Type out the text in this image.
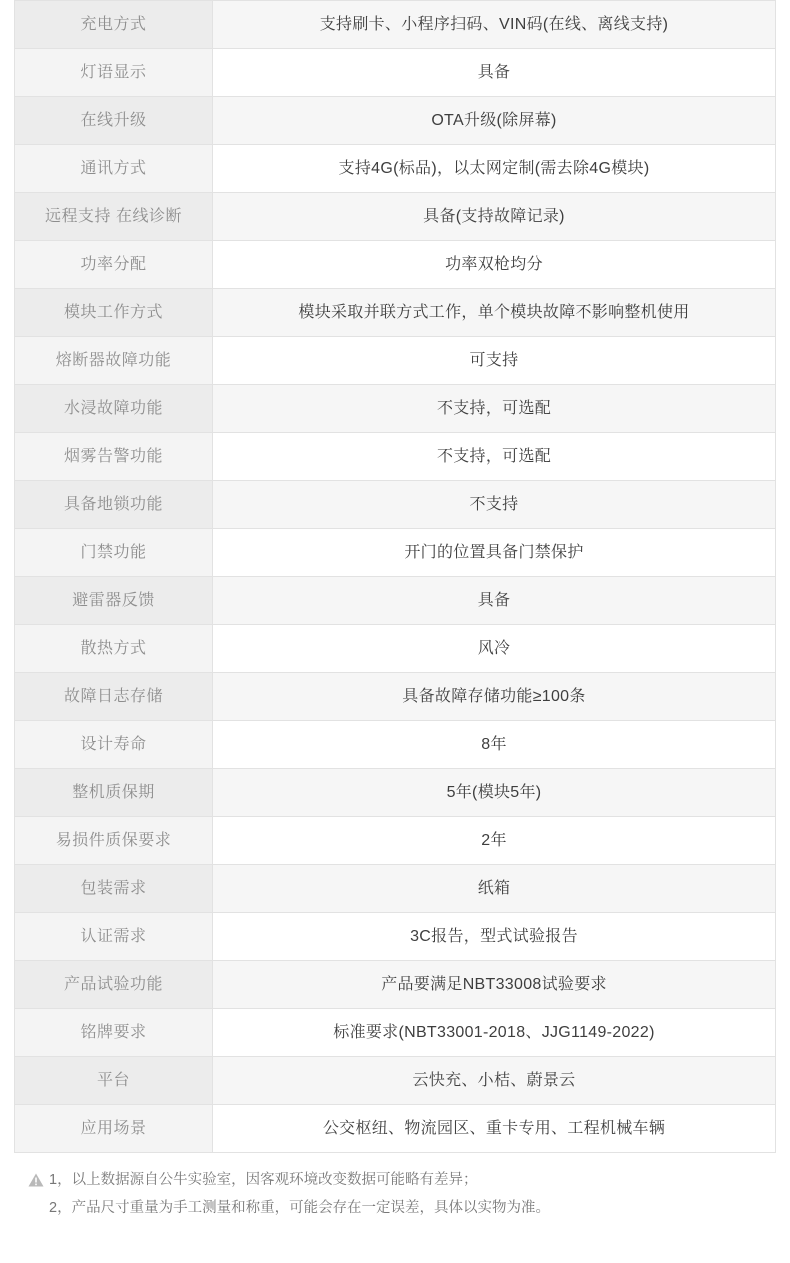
充电方式	支持刷卡、小程序扫码、VIN码(在线、离线支持)
灯语显示	具备
在线升级	OTA升级(除屏幕)
通讯方式	支持4G(标品)，以太网定制(需去除4G模块)
远程支持 在线诊断	具备(支持故障记录)
功率分配	功率双枪均分
模块工作方式	模块采取并联方式工作，单个模块故障不影响整机使用
熔断器故障功能	可支持
水浸故障功能	不支持，可选配
烟雾告警功能	不支持，可选配
具备地锁功能	不支持
门禁功能	开门的位置具备门禁保护
避雷器反馈	具备
散热方式	风冷
故障日志存储	具备故障存储功能≥100条
设计寿命	8年
整机质保期	5年(模块5年)
易损件质保要求	2年
包装需求	纸箱
认证需求	3C报告，型式试验报告
产品试验功能	产品要满足NBT33008试验要求
铭牌要求	标准要求(NBT33001-2018、JJG1149-2022)
平台	云快充、小桔、蔚景云
应用场景	公交枢纽、物流园区、重卡专用、工程机械车辆
1，以上数据源自公牛实验室，因客观环境改变数据可能略有差异；
2，产品尺寸重量为手工测量和称重，可能会存在一定误差，具体以实物为准。
